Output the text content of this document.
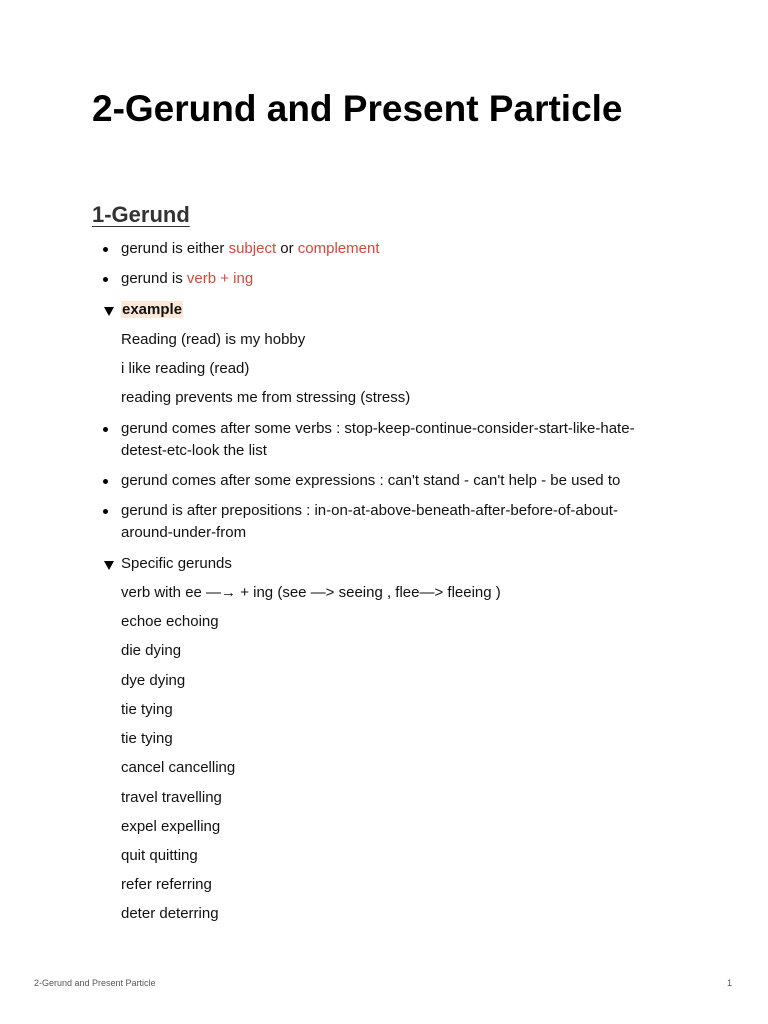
2-Gerund and Present Particle
1-Gerund
gerund is either subject or complement
gerund is verb + ing
example
Reading (read) is my hobby
i like reading (read)
reading prevents me from stressing (stress)
gerund comes after some verbs : stop-keep-continue-consider-start-like-hate-detest-etc-look the list
gerund comes after some expressions : can't stand - can't help - be used to
gerund is after prepositions : in-on-at-above-beneath-after-before-of-about-around-under-from
Specific gerunds
verb with ee —→ + ing (see —> seeing , flee—> fleeing )
echoe echoing
die dying
dye dying
tie tying
tie tying
cancel cancelling
travel travelling
expel expelling
quit quitting
refer referring
deter deterring
2-Gerund and Present Particle	1
